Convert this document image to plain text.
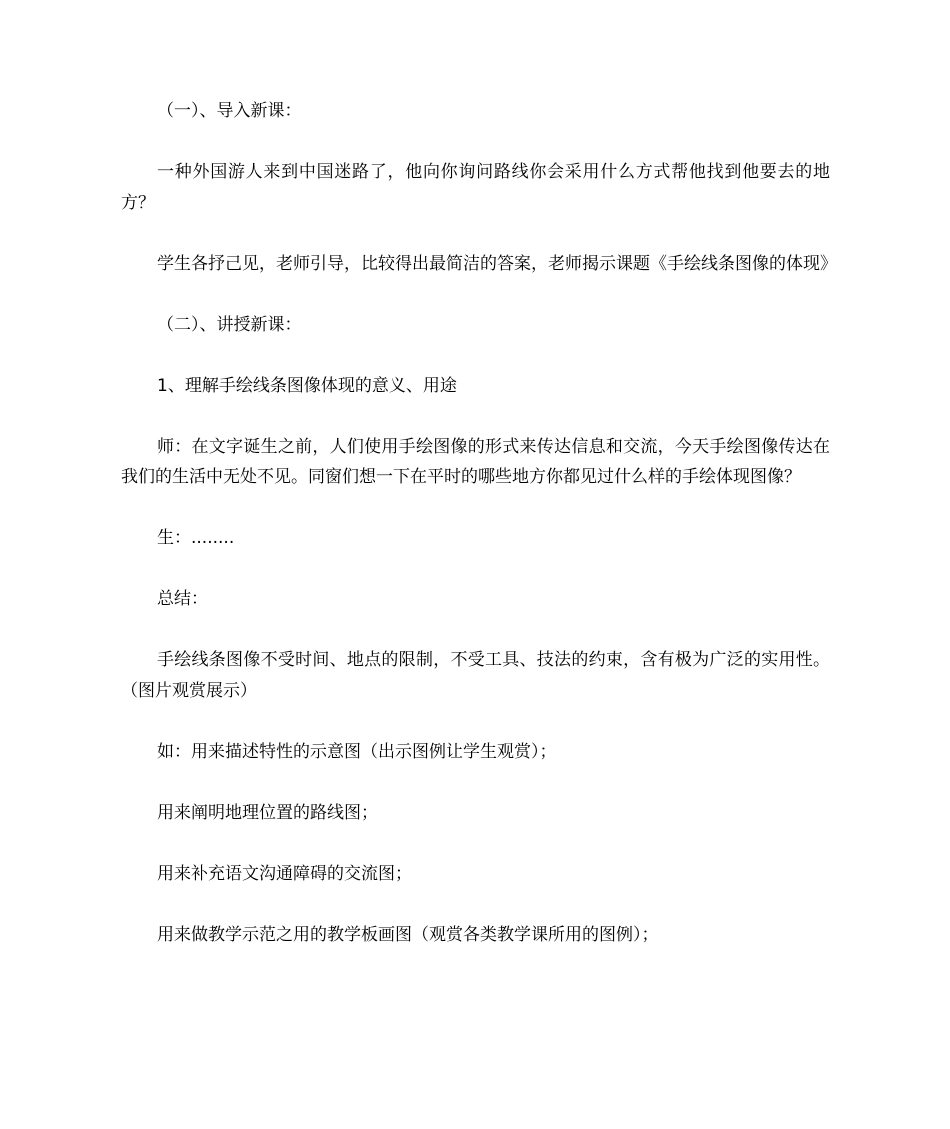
（一）、导入新课：

一种外国游人来到中国迷路了，他向你询问路线你会采用什么方式帮他找到他要去的地方？

学生各抒己见，老师引导，比较得出最简洁的答案，老师揭示课题《手绘线条图像的体现》

（二）、讲授新课：

1、理解手绘线条图像体现的意义、用途

师：在文字诞生之前，人们使用手绘图像的形式来传达信息和交流，今天手绘图像传达在我们的生活中无处不见。同窗们想一下在平时的哪些地方你都见过什么样的手绘体现图像？

生：........

总结：

手绘线条图像不受时间、地点的限制，不受工具、技法的约束，含有极为广泛的实用性。（图片观赏展示）

如：用来描述特性的示意图（出示图例让学生观赏）；

用来阐明地理位置的路线图；

用来补充语文沟通障碍的交流图；

用来做教学示范之用的教学板画图（观赏各类教学课所用的图例）；
